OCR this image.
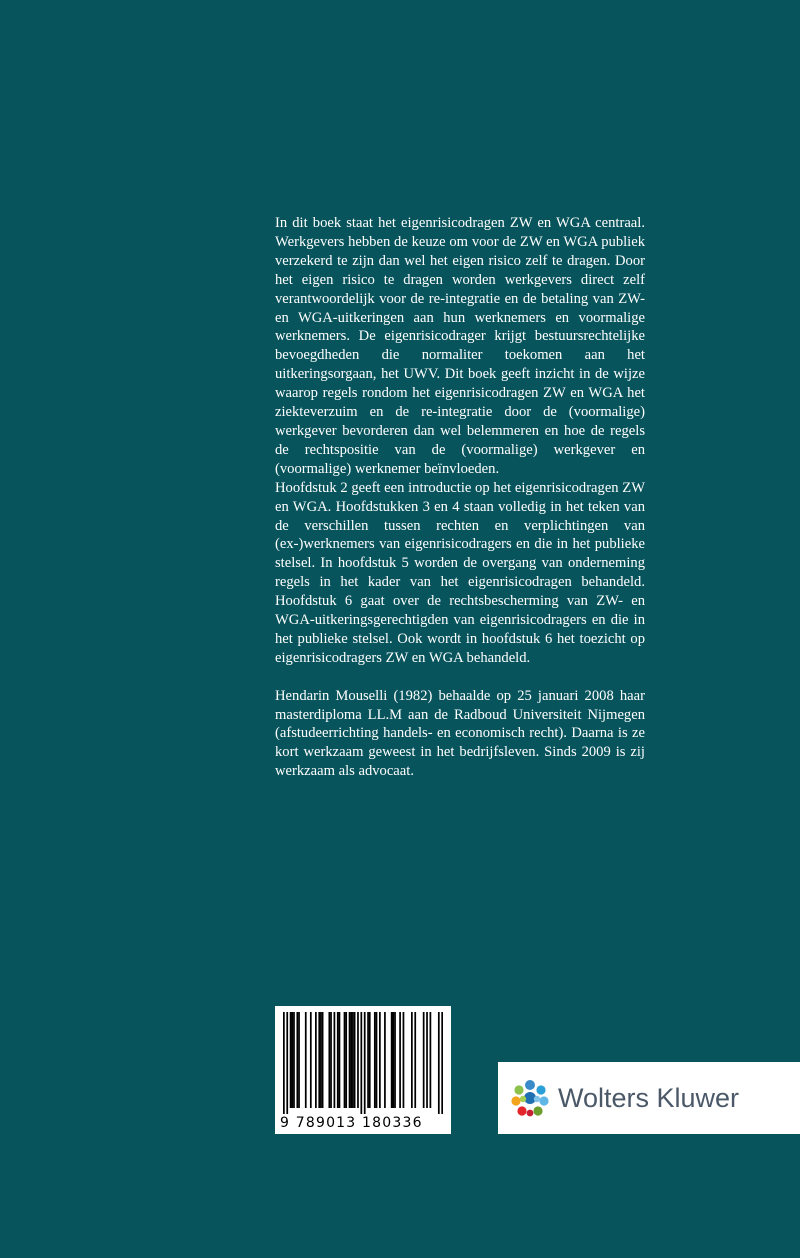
In dit boek staat het eigenrisicodragen ZW en WGA centraal. Werkgevers hebben de keuze om voor de ZW en WGA publiek verzekerd te zijn dan wel het eigen risico zelf te dragen. Door het eigen risico te dragen worden werkgevers direct zelf verantwoordelijk voor de re-integratie en de betaling van ZW- en WGA-uitkeringen aan hun werknemers en voormalige werknemers. De eigenrisicodrager krijgt bestuursrechtelijke bevoegdheden die normaliter toekomen aan het uitkeringsorgaan, het UWV. Dit boek geeft inzicht in de wijze waarop regels rondom het eigenrisicodragen ZW en WGA het ziekteverzuim en de re-integratie door de (voormalige) werkgever bevorderen dan wel belemmeren en hoe de regels de rechtspositie van de (voormalige) werkgever en (voormalige) werknemer beïnvloeden.

Hoofdstuk 2 geeft een introductie op het eigenrisicodragen ZW en WGA. Hoofdstukken 3 en 4 staan volledig in het teken van de verschillen tussen rechten en verplichtingen van (ex-)werknemers van eigenrisicodragers en die in het publieke stelsel. In hoofdstuk 5 worden de overgang van onderneming regels in het kader van het eigenrisicodragen behandeld. Hoofdstuk 6 gaat over de rechtsbescherming van ZW- en WGA-uitkeringsgerechtigden van eigenrisicodragers en die in het publieke stelsel. Ook wordt in hoofdstuk 6 het toezicht op eigenrisicodragers ZW en WGA behandeld.

Hendarin Mouselli (1982) behaalde op 25 januari 2008 haar masterdiploma LL.M aan de Radboud Universiteit Nijmegen (afstudeerrichting handels- en economisch recht). Daarna is ze kort werkzaam geweest in het bedrijfsleven. Sinds 2009 is zij werkzaam als advocaat.

9 789013 180336
Wolters Kluwer
